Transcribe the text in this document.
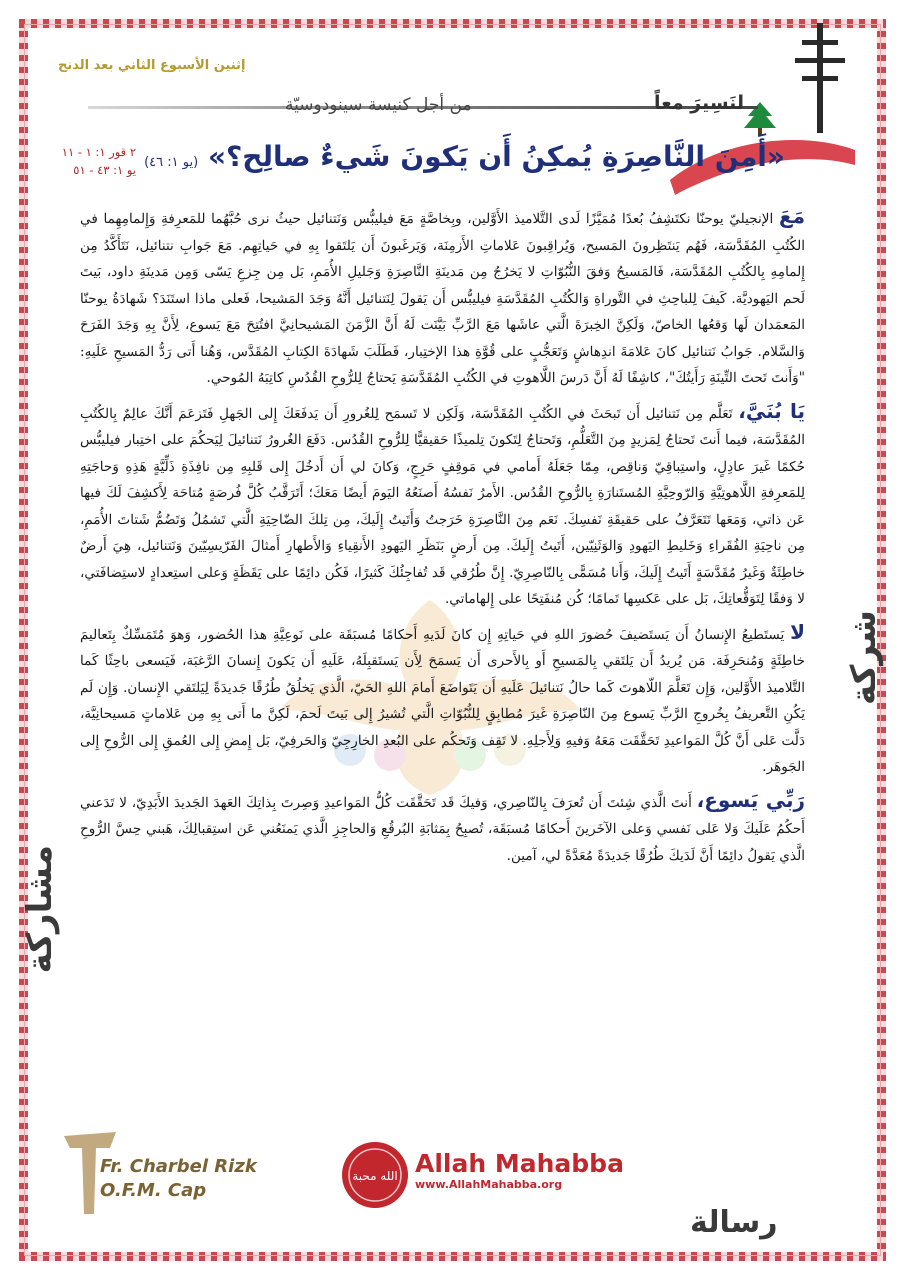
إثنين الأسبوع الثاني بعد الدنح
لنَسِيرَ معاً
من أجل كنيسة سينودوسيّة
٢ قور ١: ١ - ١١
يو ١: ٤٣ - ٥١	«أَمِنَ النَّاصِرَةِ يُمكِنُ أَن يَكونَ شَيءٌ صالِح؟» (يو ١: ٤٦)
شركة
مشاركة

مَعَ الإنجيليّ يوحنّا نكتَشِفُ بُعدًا مُمَيَّزًا لَدى التَّلاميذ الأَوَّلين، وبِخاصَّةٍ مَعَ فيليبُّس وَنَتنائيل حيثُ نرى حُبَّهُما للمَعرِفةِ وَإِلمامِهِما في الكُتُبِ المُقَدَّسَة، فَهُم يَنتَظِرونَ المَسيح، وَيُراقِبونَ عَلاماتِ الأَزمِنَة، وَيَرغَبونَ أَن يَلتَقوا بِهِ في حَياتِهِم. مَعَ جَوابِ نتنائيل، نَتَأَكَّدُ مِن إِلمامِهِ بِالكُتُبِ المُقَدَّسَة، فَالمَسيحُ وَفقَ النُّبُوّاتِ لا يَخرُجُ مِن مَدينَةِ النَّاصِرَةِ وَجَليلِ الأُمَمِ، بَل مِن جِزعِ يَسّى وَمِن مَدينَةِ داود، بَيتَ لَحم اليَهوديَّة. كَيفَ لِلباحِثِ في التَّوراةِ وَالكُتُبِ المُقَدَّسَةِ فيليبُّس أَن يَقولَ لِنَتنائيل أَنَّهُ وَجَدَ المَشيحا، فَعلى ماذا استَنَدَ؟ شَهادَةُ يوحنّا المَعمَدان لَها وَقعُها الخاصّ، وَلَكِنَّ الخِبرَةَ الَّتي عاشَها مَعَ الرَّبِّ بَيَّنَت لَهُ أَنَّ الزَّمَنَ المَشيحانِيَّ افتُتِحَ مَعَ يَسوع، لِأَنَّ بِهِ وَجَدَ الفَرَحَ وَالسَّلام. جَوابُ نَتنائيل كانَ عَلامَةَ اندِهاشٍ وَتَعَجُّبٍ على قُوَّةِ هذا الإختِبار، فَطَلَبَ شَهادَةَ الكِتابِ المُقَدَّس، وَهُنا أَتى رَدُّ المَسيحِ عَلَيهِ: "وَأَنتَ تَحتَ التِّينَةِ رَأَيتُكَ"، كاشِفًا لَهُ أَنَّ دَرسَ اللَّاهوتِ في الكُتُبِ المُقَدَّسَةِ يَحتاجُ لِلرُّوحِ القُدُسِ كاتِبَهُ المُوحي.

يَا بُنَيَّ، تَعَلَّم مِن نَتنائيل أَن تَبحَثَ في الكُتُبِ المُقَدَّسَة، وَلَكِن لا تَسمَح لِلغُرورِ أَن يَدفَعَكَ إِلى الجَهلِ فَتَزعَمَ أَنَّكَ عالِمٌ بِالكُتُبِ المُقَدَّسَة، فيما أَنتَ تَحتاجُ لِمَزيدٍ مِنَ التَّعَلُّمِ، وَتَحتاجُ لِتَكونَ تِلميذًا حَقيقيًّا لِلرُّوحِ القُدُس. دَفَعَ الغُرورُ نَتنائيلَ لِيَحكُمَ على اختِبار فيليبُّس حُكمًا غَيرَ عادِلٍ، واستِباقِيّ وَناقِص، مِمّا جَعَلَهُ أَمامي في مَوقِفٍ حَرِجٍ، وَكانَ لي أَن أَدخُلَ إِلى قَلبِهِ مِن نافِذَةِ ذَلِّيَّةٍ هَذِهِ وَحاجَتِهِ لِلمَعرِفةِ اللَّاهوتِيَّةِ وَالرّوحِيَّةِ المُستَنارَةِ بِالرُّوحِ القُدُس. الأَمرُ نَفسُهُ أَصنَعُهُ اليَومَ أَيضًا مَعَكَ؛ أَتَرَقَّبُ كُلَّ فُرصَةٍ مُتاحَة لِأَكشِفَ لَكَ فيها عَن ذاتي، وَمَعَها تَتَعَرَّفُ على حَقيقَةِ نَفسِكَ. نَعَم مِنَ النَّاصِرَةِ خَرَجتُ وَأَتَيتُ إِلَيكَ، مِن تِلكَ الضّاحِيَةِ الَّتي تَشمُلُ وَتَضُمُّ شَتاتَ الأُمَمِ، مِن ناحِيَةِ الفُقَراءِ وَخَليطِ اليَهودِ وَالوَثَنِيّين، أَتَيتُ إِلَيكَ. مِن أَرضٍ بَنَظَرِ اليَهودِ الأَنقِياءِ وَالأَطهارِ أَمثالَ الفَرّيسِيّينَ وَنَتنائيل، هِيَ أَرضٌ خاطِئَةٌ وَغَيرُ مُقَدَّسَةٍ أَتَيتُ إِلَيكَ، وَأَنا مُسَمًّى بِالنّاصِرِيّ. إِنَّ طُرُقي قَد تُفاجِئُكَ كَثيرًا، فَكُن دائِمًا على يَقَظَةٍ وَعلى استِعدادٍ لاستِضافَتي، لا وَفقًا لِتَوَقُّعاتِكَ، بَل على عَكسِها تَمامًا؛ كُن مُنفَتِحًا على إِلهاماتي.

لا يَستَطيعُ الإِنسانُ أَن يَستَضيفَ حُضورَ اللهِ في حَياتِهِ إِن كانَ لَدَيهِ أَحكامًا مُسبَقَة على نَوعِيَّةِ هذا الحُضور، وَهوَ مُتَمَسِّكٌ بِتَعاليمَ خاطِئَةٍ وَمُنحَرِفَة. مَن يُريدُ أَن يَلتَقي بِالمَسيحِ أَو بِالأَحرى أَن يَسمَحَ لِأَن يَستَقبِلَهُ، عَلَيهِ أَن يَكونَ إِنسانَ الرَّغبَة، فَيَسعى باحِثًا كَما التَّلاميذ الأَوَّلين، وَإِن تَعَلَّمَ اللّاهوتَ كَما حالُ نَتنائيلَ عَلَيهِ أَن يَتَواضَعَ أَمامَ اللهِ الحَيّ، الَّذي يَخلُقُ طُرُقًا جَديدَةً لِيَلتَقي الإِنسان. وَإِن لَم يَكُنِ التَّعريفُ بِخُروجِ الرَّبِّ يَسوع مِنَ النّاصِرَةِ غَيرَ مُطابِقٍ لِلنُّبُوّاتِ الَّتي تُشيرُ إِلى بَيتَ لَحمَ، لَكِنَّ ما أَتى بِهِ مِن عَلاماتٍ مَسيحانِيَّة، دَلَّت عَلى أَنَّ كُلَّ المَواعيدِ تَحَقَّقَت مَعَهُ وَفيهِ وَلِأَجلِهِ. لا تَقِف وَتَحكُم على البُعدِ الخارِجِيّ وَالحَرفِيّ، بَل إِمضِ إِلى العُمقِ إِلى الرُّوحِ إِلى الجَوهَر.

رَبِّي يَسوع، أَنتَ الَّذي شِئتَ أَن تُعرَفَ بِالنّاصِري، وَفيكَ قَد تَحَقَّقَت كُلُّ المَواعيدِ وَصِرتَ بِذاتِكَ العَهدَ الجَديدَ الأَبَدِيّ، لا تَدَعني أَحكُمُ عَلَيكَ وَلا عَلى نَفسي وَعلى الآخَرينَ أَحكامًا مُسبَقَة، تُصبِحُ بِمَثابَةِ البُرقُعِ وَالحاجِزِ الَّذي يَمنَعُني عَن استِقبالِكَ، هَبني حِسَّ الرُّوحِ الَّذي يَقولُ دائِمًا أَنَّ لَدَيكَ طُرُقًا جَديدَةً مُعَدَّةً لي، آمين.

Fr. Charbel Rizk
O.F.M. Cap
الله محبة Allah Mahabba
www.AllahMahabba.org
رسالة
